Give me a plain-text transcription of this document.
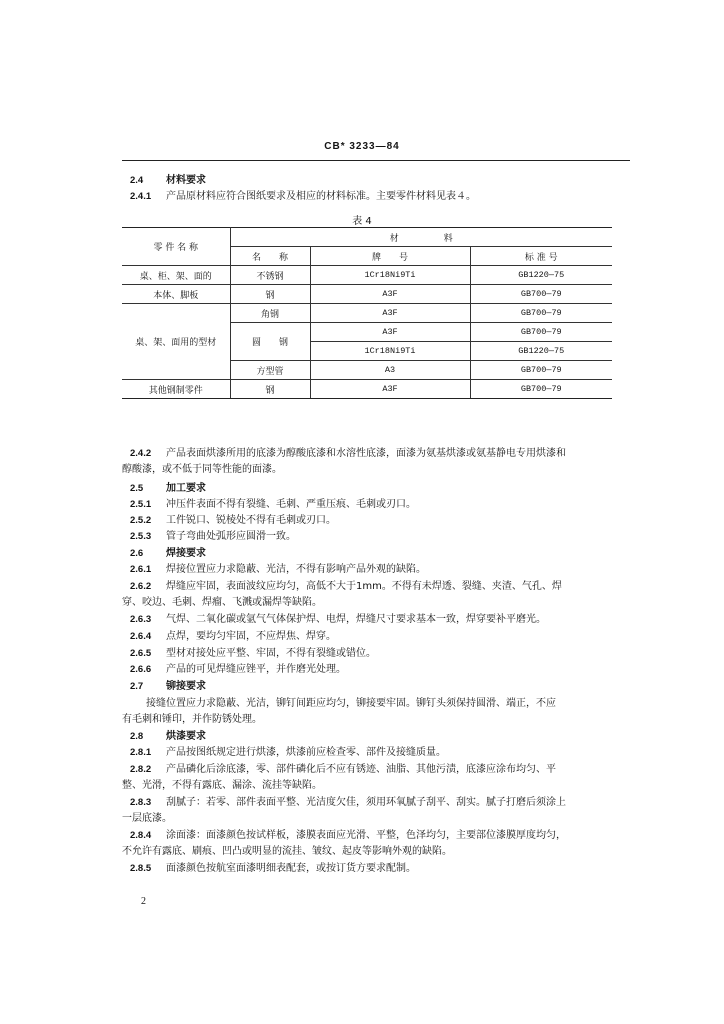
CB* 3233—84
2.4 材料要求
2.4.1 产品原材料应符合图纸要求及相应的材料标准。主要零件材料见表４。
表 4
零 件 名 称	材　　　　　料		
	名　　称	牌　　号	标 准 号
桌、柜、架、面的	不锈钢	1Cr18Ni9Ti	GB1220—75
本体、脚板	钢	A3F	GB700—79
桌、架、面用的型材	角钢	A3F	GB700—79
	圆　　钢	A3F	GB700—79
		1Cr18Ni9Ti	GB1220—75
	方型管	A3	GB700—79
其他钢制零件	钢	A3F	GB700—79
2.4.2 产品表面烘漆所用的底漆为醇酸底漆和水溶性底漆，面漆为氨基烘漆或氨基静电专用烘漆和
醇酸漆，或不低于同等性能的面漆。
2.5 加工要求
2.5.1 冲压件表面不得有裂缝、毛刺、严重压痕、毛刺或刃口。
2.5.2 工件锐口、锐棱处不得有毛刺或刃口。
2.5.3 管子弯曲处弧形应圆滑一致。
2.6 焊接要求
2.6.1 焊接位置应力求隐蔽、光洁，不得有影响产品外观的缺陷。
2.6.2 焊缝应牢固，表面波纹应均匀，高低不大于1mm。不得有未焊透、裂缝、夹渣、气孔、焊
穿、咬边、毛刺、焊瘤、飞溅或漏焊等缺陷。
2.6.3 气焊、二氧化碳或氩气气体保护焊、电焊，焊缝尺寸要求基本一致，焊穿要补平磨光。
2.6.4 点焊，要均匀牢固，不应焊焦、焊穿。
2.6.5 型材对接处应平整、牢固，不得有裂缝或错位。
2.6.6 产品的可见焊缝应锉平，并作磨光处理。
2.7 铆接要求
接缝位置应力求隐蔽、光洁，铆钉间距应均匀，铆接要牢固。铆钉头须保持圆滑、端正，不应
有毛刺和锤印，并作防锈处理。
2.8 烘漆要求
2.8.1 产品按图纸规定进行烘漆，烘漆前应检查零、部件及接缝质量。
2.8.2 产品磷化后涂底漆，零、部件磷化后不应有锈迹、油脂、其他污渍，底漆应涂布均匀、平
整、光滑，不得有露底、漏涂、流挂等缺陷。
2.8.3 刮腻子：若零、部件表面平整、光洁度欠佳，须用环氧腻子刮平、刮实。腻子打磨后须涂上
一层底漆。
2.8.4 涂面漆：面漆颜色按试样板，漆膜表面应光滑、平整，色泽均匀，主要部位漆膜厚度均匀，
不允许有露底、刷痕、凹凸或明显的流挂、皱纹、起皮等影响外观的缺陷。
2.8.5 面漆颜色按航室面漆明细表配套，或按订货方要求配制。
2
